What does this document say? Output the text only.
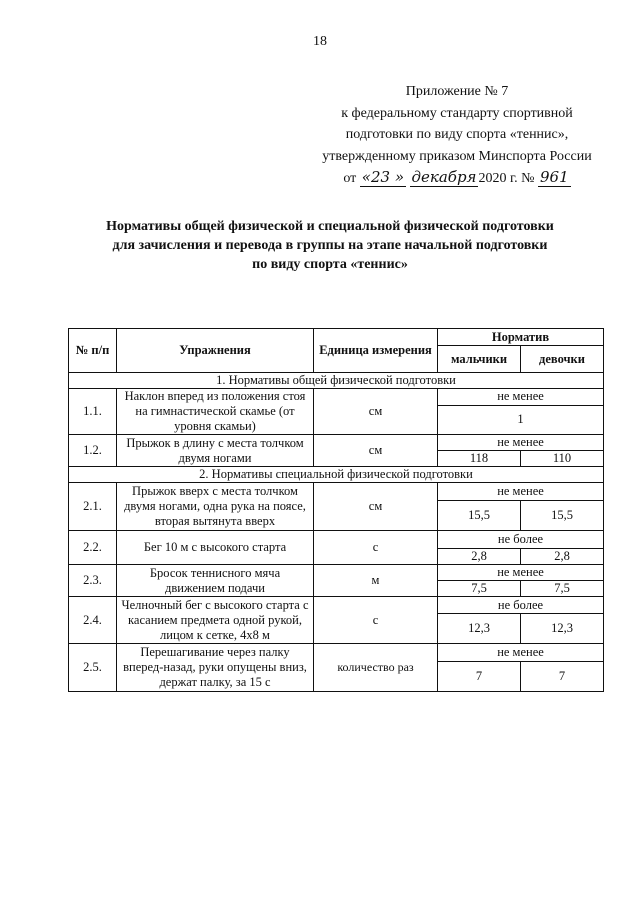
18
Приложение № 7
к федеральному стандарту спортивной
подготовки по виду спорта «теннис»,
утвержденному приказом Минспорта России
от «23 » декабря 2020 г. № 961
Нормативы общей физической и специальной физической подготовки
для зачисления и перевода в группы на этапе начальной подготовки
по виду спорта «теннис»
№ п/п	Упражнения	Единица измерения	Норматив	
			мальчики	девочки
1. Нормативы общей физической подготовки				
1.1.	Наклон вперед из положения стоя на гимнастической скамье (от уровня скамьи)	см	не менее	
			1	
1.2.	Прыжок в длину с места толчком двумя ногами	см	не менее	
			118	110
2. Нормативы специальной физической подготовки				
2.1.	Прыжок вверх с места толчком двумя ногами, одна рука на поясе, вторая вытянута вверх	см	не менее	
			15,5	15,5
2.2.	Бег 10 м с высокого старта	с	не более	
			2,8	2,8
2.3.	Бросок теннисного мяча движением подачи	м	не менее	
			7,5	7,5
2.4.	Челночный бег с высокого старта с касанием предмета одной рукой, лицом к сетке, 4х8 м	с	не более	
			12,3	12,3
2.5.	Перешагивание через палку вперед-назад, руки опущены вниз, держат палку, за 15 с	количество раз	не менее	
			7	7
